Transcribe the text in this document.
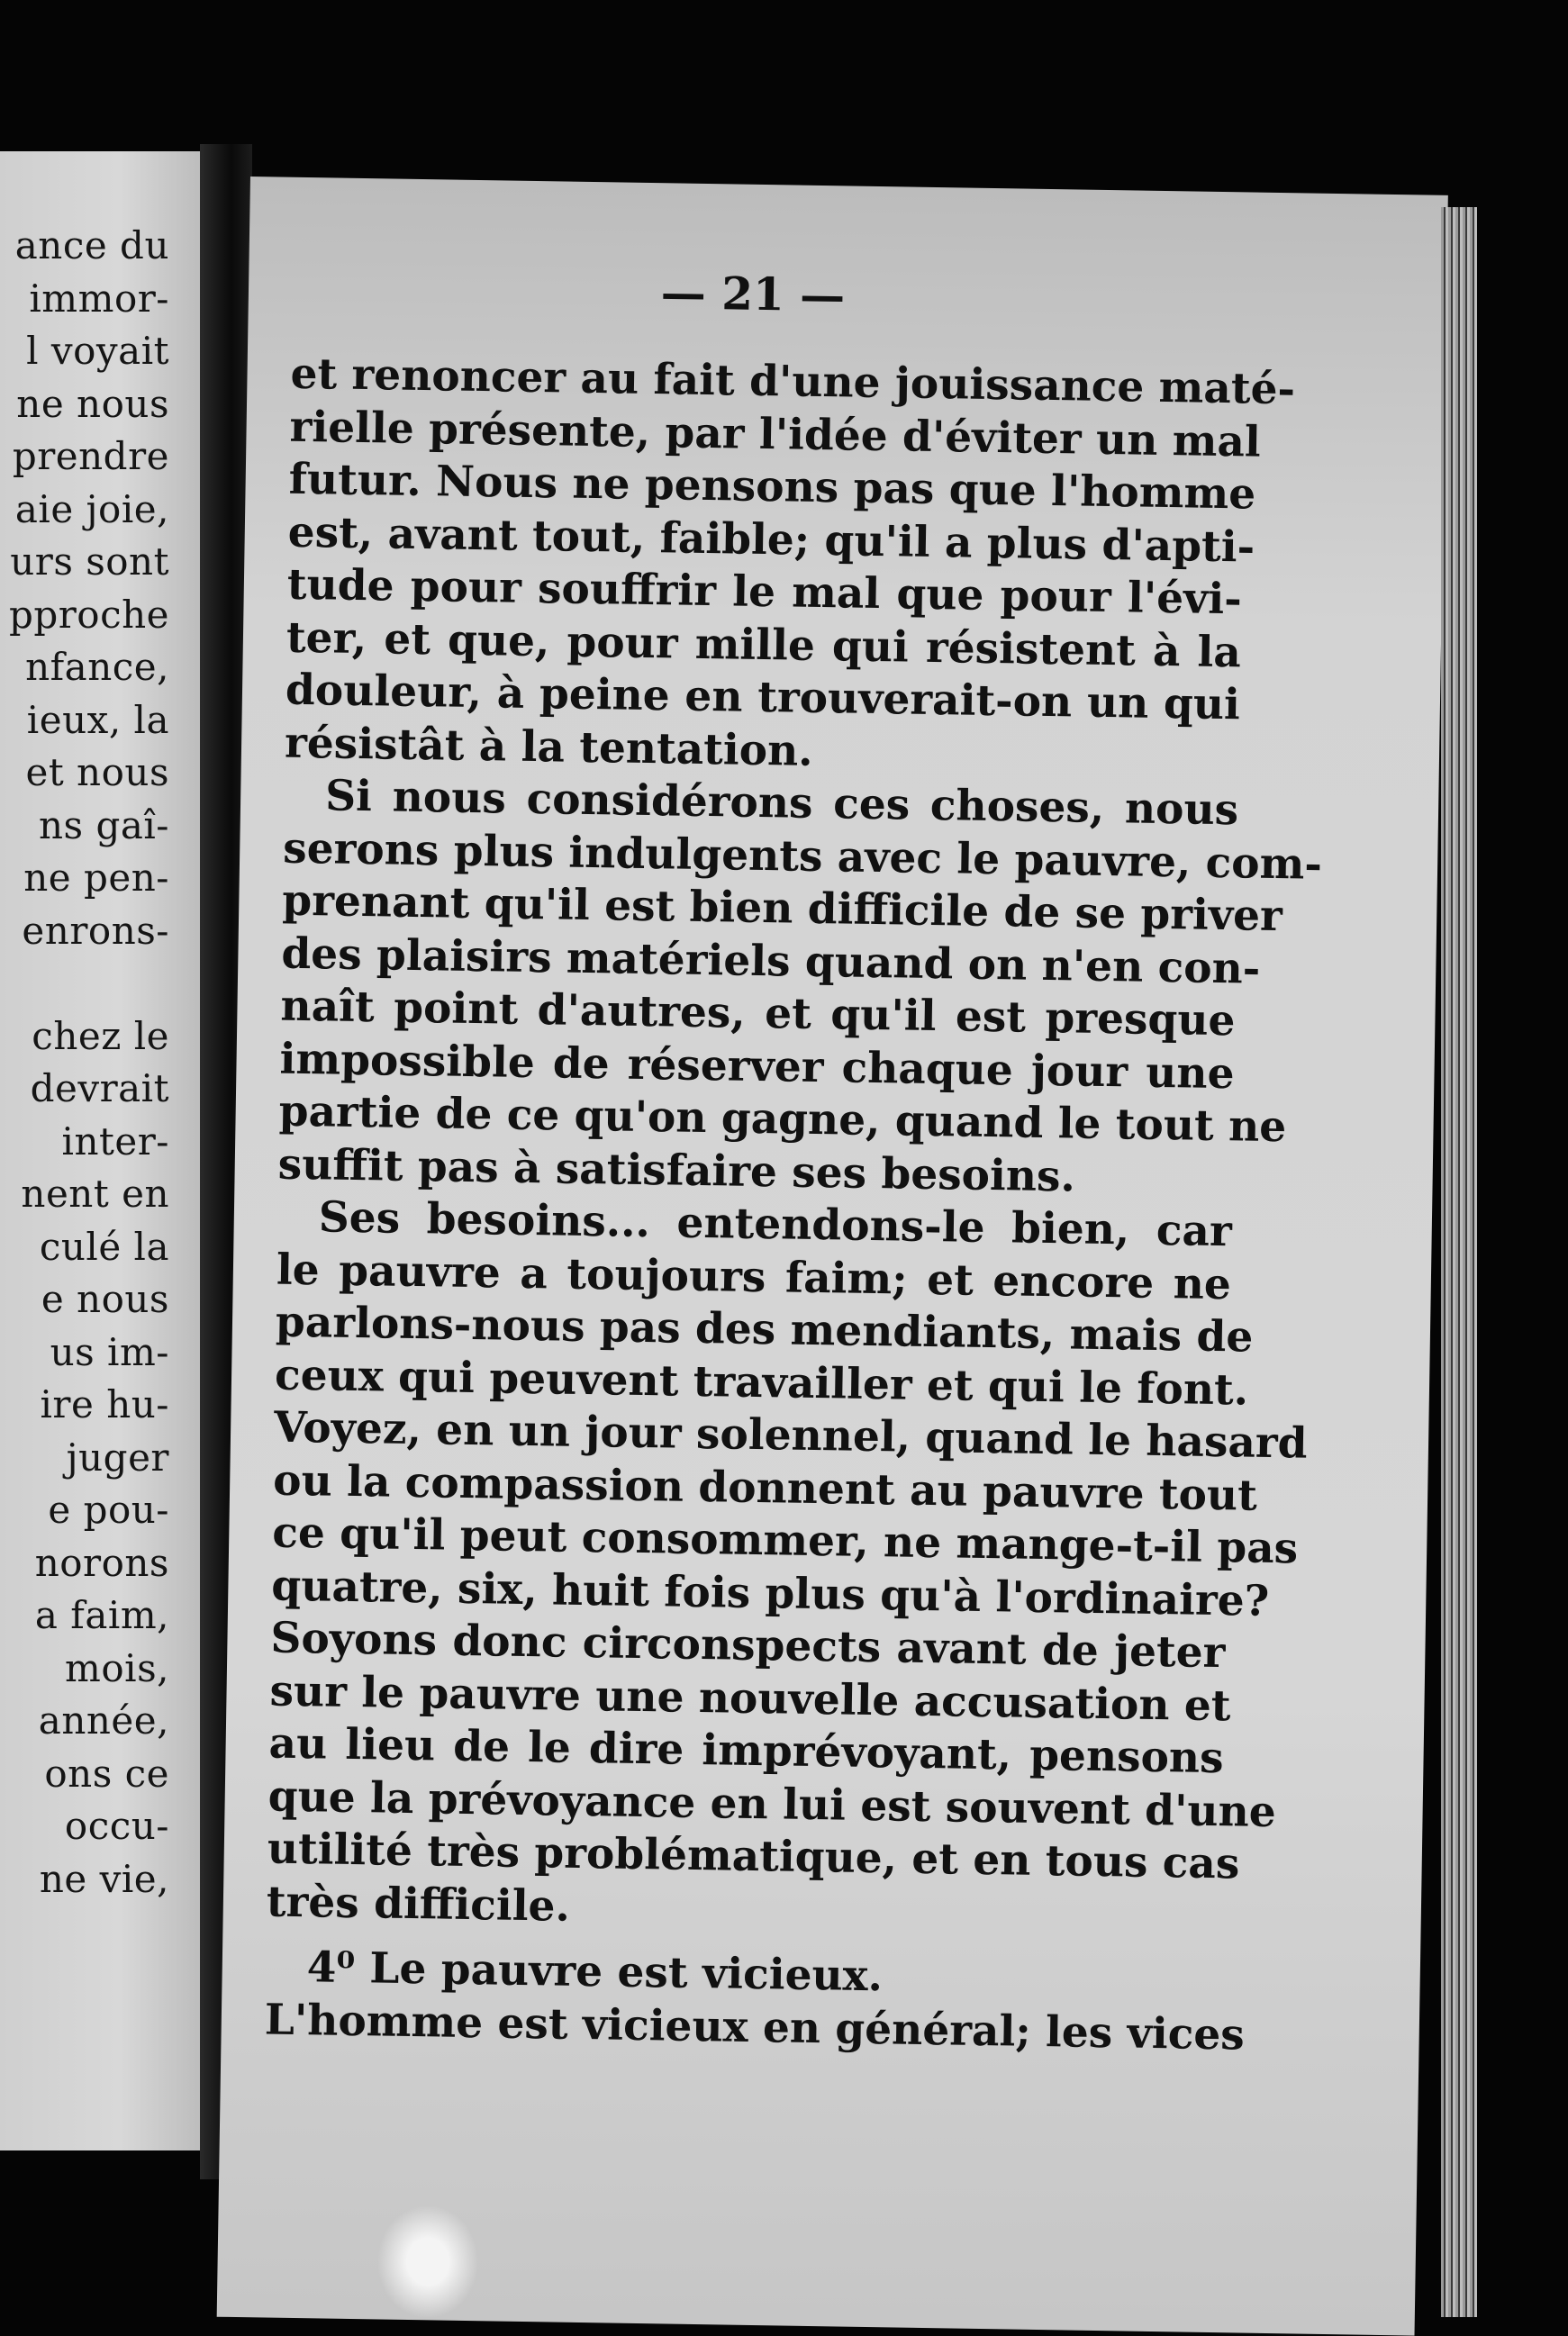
ance du
immor-
l voyait
ne nous
prendre
aie joie,
urs sont
pproche
nfance,
ieux, la
et nous
ns gaî-
ne pen-
enrons-
chez le
devrait
inter-
nent en
culé la
e nous
us im-
ire hu-
juger
e pou-
norons
a faim,
mois,
année,
ons ce
occu-
ne vie,
— 21 —
et renoncer au fait d'une jouissance maté-
rielle présente, par l'idée d'éviter un mal
futur. Nous ne pensons pas que l'homme
est, avant tout, faible; qu'il a plus d'apti-
tude pour souffrir le mal que pour l'évi-
ter, et que, pour mille qui résistent à la
douleur, à peine en trouverait-on un qui
résistât à la tentation.
Si nous considérons ces choses, nous
serons plus indulgents avec le pauvre, com-
prenant qu'il est bien difficile de se priver
des plaisirs matériels quand on n'en con-
naît point d'autres, et qu'il est presque
impossible de réserver chaque jour une
partie de ce qu'on gagne, quand le tout ne
suffit pas à satisfaire ses besoins.
Ses besoins... entendons-le bien, car
le pauvre a toujours faim; et encore ne
parlons-nous pas des mendiants, mais de
ceux qui peuvent travailler et qui le font.
Voyez, en un jour solennel, quand le hasard
ou la compassion donnent au pauvre tout
ce qu'il peut consommer, ne mange-t-il pas
quatre, six, huit fois plus qu'à l'ordinaire?
Soyons donc circonspects avant de jeter
sur le pauvre une nouvelle accusation et
au lieu de le dire imprévoyant, pensons
que la prévoyance en lui est souvent d'une
utilité très problématique, et en tous cas
très difficile.
4⁰ Le pauvre est vicieux.
L'homme est vicieux en général; les vices
